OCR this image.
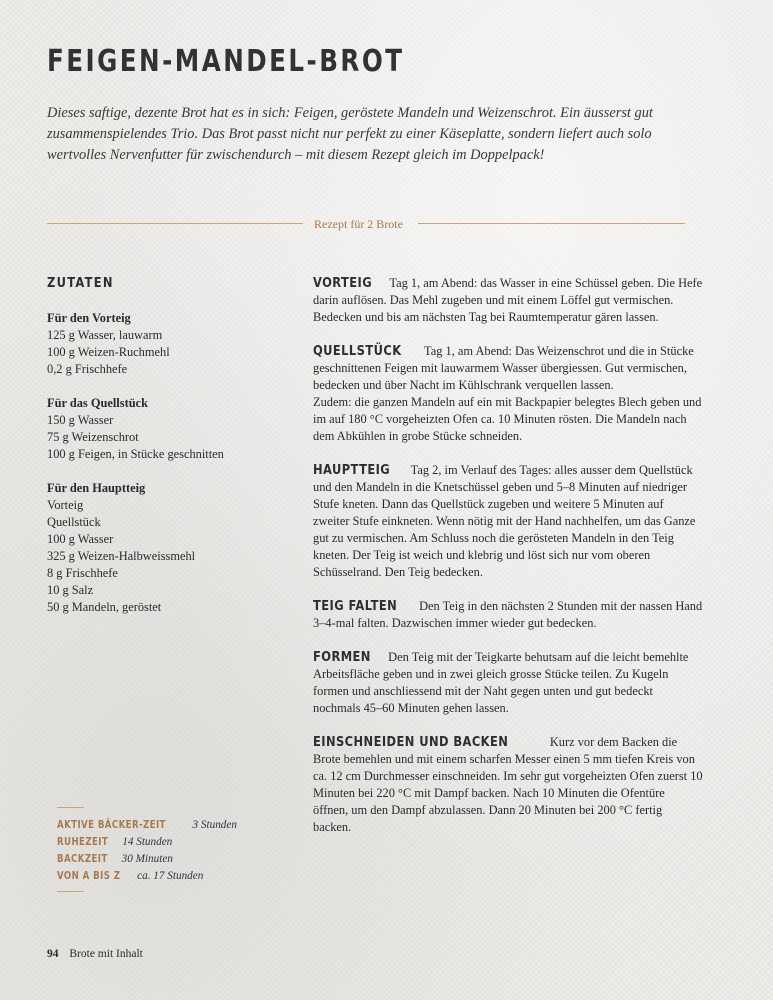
FEIGEN-MANDEL-BROT

Dieses saftige, dezente Brot hat es in sich: Feigen, geröstete Mandeln und Weizenschrot. Ein äusserst gut zusammenspielendes Trio. Das Brot passt nicht nur perfekt zu einer Käseplatte, sondern liefert auch solo wertvolles Nervenfutter für zwischendurch – mit diesem Rezept gleich im Doppelpack!

Rezept für 2 Brote
ZUTATEN
Für den Vorteig
125 g Wasser, lauwarm
100 g Weizen-Ruchmehl
0,2 g Frischhefe
Für das Quellstück
150 g Wasser
75 g Weizenschrot
100 g Feigen, in Stücke geschnitten
Für den Hauptteig
Vorteig
Quellstück
100 g Wasser
325 g Weizen-Halbweissmehl
8 g Frischhefe
10 g Salz
50 g Mandeln, geröstet

VORTEIG Tag 1, am Abend: das Wasser in eine Schüssel geben. Die Hefe darin auflösen. Das Mehl zugeben und mit einem Löffel gut vermischen. Bedecken und bis am nächsten Tag bei Raumtemperatur gären lassen.

QUELLSTÜCK Tag 1, am Abend: Das Weizenschrot und die in Stücke geschnittenen Feigen mit lauwarmem Wasser übergiessen. Gut vermischen, bedecken und über Nacht im Kühlschrank verquellen lassen.
Zudem: die ganzen Mandeln auf ein mit Backpapier belegtes Blech geben und im auf 180 °C vorgeheizten Ofen ca. 10 Minuten rösten. Die Mandeln nach dem Abkühlen in grobe Stücke schneiden.

HAUPTTEIG Tag 2, im Verlauf des Tages: alles ausser dem Quellstück und den Mandeln in die Knetschüssel geben und 5–8 Minuten auf niedriger Stufe kneten. Dann das Quellstück zugeben und weitere 5 Minuten auf zweiter Stufe einkneten. Wenn nötig mit der Hand nachhelfen, um das Ganze gut zu vermischen. Am Schluss noch die gerösteten Mandeln in den Teig kneten. Der Teig ist weich und klebrig und löst sich nur vom oberen Schüsselrand. Den Teig bedecken.

TEIG FALTEN Den Teig in den nächsten 2 Stunden mit der nassen Hand 3–4-mal falten. Dazwischen immer wieder gut bedecken.

FORMEN Den Teig mit der Teigkarte behutsam auf die leicht bemehlte Arbeitsfläche geben und in zwei gleich grosse Stücke teilen. Zu Kugeln formen und anschliessend mit der Naht gegen unten und gut bedeckt nochmals 45–60 Minuten gehen lassen.

EINSCHNEIDEN UND BACKEN	Kurz vor dem Backen die Brote bemehlen und mit einem scharfen Messer einen 5 mm tiefen Kreis von ca. 12 cm Durchmesser einschneiden. Im sehr gut vorgeheizten Ofen zuerst 10 Minuten bei 220 °C mit Dampf backen. Nach 10 Minuten die Ofentüre öffnen, um den Dampf abzulassen. Dann 20 Minuten bei 200 °C fertig backen.

AKTIVE BÄCKER-ZEIT 3 Stunden
RUHEZEIT 14 Stunden
BACKZEIT 30 Minuten
VON A BIS Z ca. 17 Stunden
94 Brote mit Inhalt
